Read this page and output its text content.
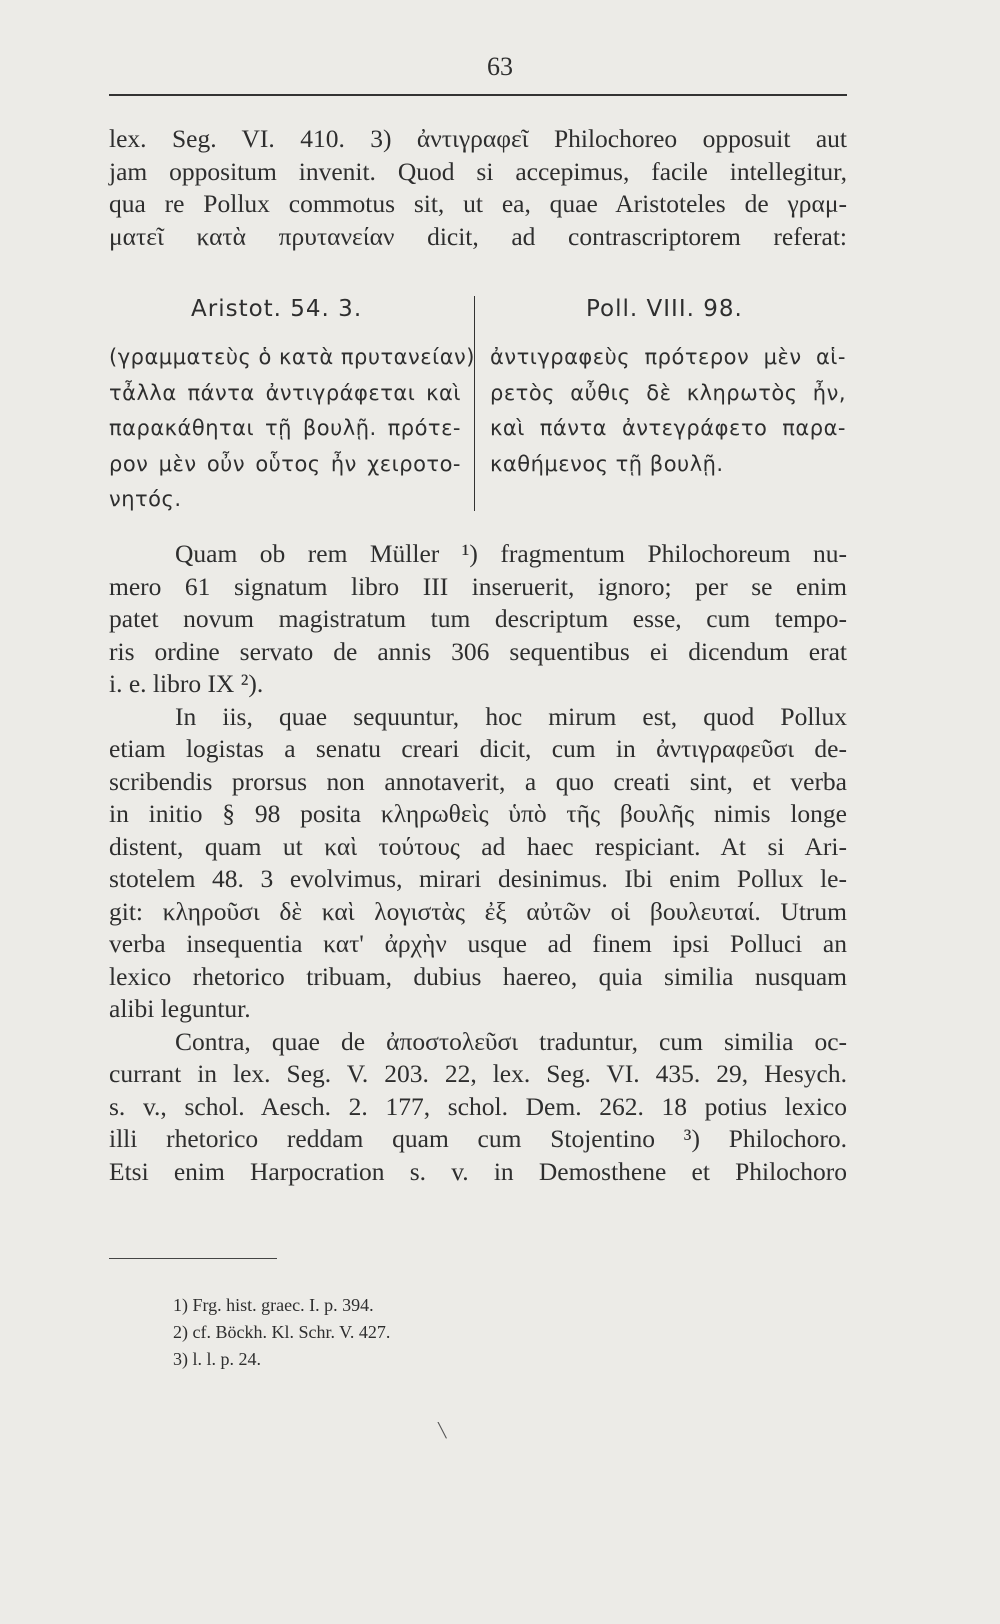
63
lex. Seg. VI. 410. 3) ἀντιγραφεῖ Philochoreo opposuit aut
jam oppositum invenit. Quod si accepimus, facile intellegitur,
qua re Pollux commotus sit, ut ea, quae Aristoteles de γραμ-
ματεῖ κατὰ πρυτανείαν dicit, ad contrascriptorem referat:
Aristot. 54. 3.	Poll. VIII. 98.
(γραμματεὺς ὁ κατὰ πρυτανείαν)
τἆλλα πάντα ἀντιγράφεται καὶ
παρακάθηται τῇ βουλῇ. πρότε-
ρον μὲν οὖν οὗτος ἦν χειροτο-
νητός.
ἀντιγραφεὺς πρότερον μὲν αἱ-
ρετὸς αὖθις δὲ κληρωτὸς ἦν,
καὶ πάντα ἀντεγράφετο παρα-
καθήμενος τῇ βουλῇ.
Quam ob rem Müller ¹) fragmentum Philochoreum nu-
mero 61 signatum libro III inseruerit, ignoro; per se enim
patet novum magistratum tum descriptum esse, cum tempo-
ris ordine servato de annis 306 sequentibus ei dicendum erat
i. e. libro IX ²).
In iis, quae sequuntur, hoc mirum est, quod Pollux
etiam logistas a senatu creari dicit, cum in ἀντιγραφεῦσι de-
scribendis prorsus non annotaverit, a quo creati sint, et verba
in initio § 98 posita κληρωθεὶς ὑπὸ τῆς βουλῆς nimis longe
distent, quam ut καὶ τούτους ad haec respiciant. At si Ari-
stotelem 48. 3 evolvimus, mirari desinimus. Ibi enim Pollux le-
git: κληροῦσι δὲ καὶ λογιστὰς ἐξ αὐτῶν οἱ βουλευταί. Utrum
verba insequentia κατ' ἀρχὴν usque ad finem ipsi Polluci an
lexico rhetorico tribuam, dubius haereo, quia similia nusquam
alibi leguntur.
Contra, quae de ἀποστολεῦσι traduntur, cum similia oc-
currant in lex. Seg. V. 203. 22, lex. Seg. VI. 435. 29, Hesych.
s. v., schol. Aesch. 2. 177, schol. Dem. 262. 18 potius lexico
illi rhetorico reddam quam cum Stojentino ³) Philochoro.
Etsi enim Harpocration s. v. in Demosthene et Philochoro
1) Frg. hist. graec. I. p. 394.
2) cf. Böckh. Kl. Schr. V. 427.
3) l. l. p. 24.
╲
